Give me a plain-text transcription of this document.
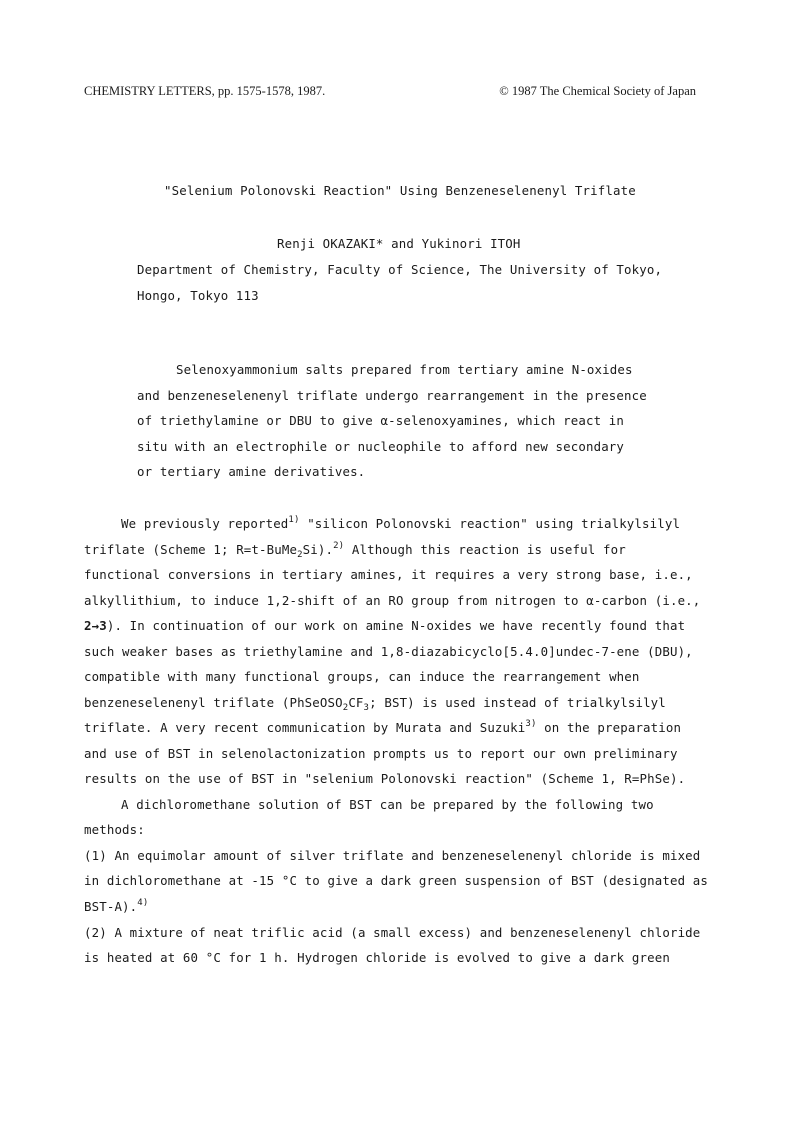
CHEMISTRY LETTERS, pp. 1575-1578, 1987.	© 1987 The Chemical Society of Japan
"Selenium Polonovski Reaction" Using Benzeneselenenyl Triflate
Renji OKAZAKI* and Yukinori ITOH
Department of Chemistry, Faculty of Science, The University of Tokyo,
Hongo, Tokyo 113
Selenoxyammonium salts prepared from tertiary amine N-oxides
and benzeneselenenyl triflate undergo rearrangement in the presence
of triethylamine or DBU to give α-selenoxyamines, which react in
situ with an electrophile or nucleophile to afford new secondary
or tertiary amine derivatives.
We previously reported$^{1)}$ "silicon Polonovski reaction" using trialkylsilyl
triflate (Scheme 1; R=t-BuMe$_2$Si).$^{2)}$ Although this reaction is useful for
functional conversions in tertiary amines, it requires a very strong base, i.e.,
alkyllithium, to induce 1,2-shift of an RO group from nitrogen to α-carbon (i.e.,
2→3). In continuation of our work on amine N-oxides we have recently found that
such weaker bases as triethylamine and 1,8-diazabicyclo[5.4.0]undec-7-ene (DBU),
compatible with many functional groups, can induce the rearrangement when
benzeneselenenyl triflate ($PhSeOSO_2CF_3$; BST) is used instead of trialkylsilyl
triflate. A very recent communication by Murata and Suzuki$^{3)}$ on the preparation
and use of BST in selenolactonization prompts us to report our own preliminary
results on the use of BST in "selenium Polonovski reaction" (Scheme 1, R=PhSe).
A dichloromethane solution of BST can be prepared by the following two
methods:
(1) An equimolar amount of silver triflate and benzeneselenenyl chloride is mixed
in dichloromethane at -15 °C to give a dark green suspension of BST (designated as
BST-A).$^{4)}$
(2) A mixture of neat triflic acid (a small excess) and benzeneselenenyl chloride
is heated at 60 °C for 1 h. Hydrogen chloride is evolved to give a dark green
